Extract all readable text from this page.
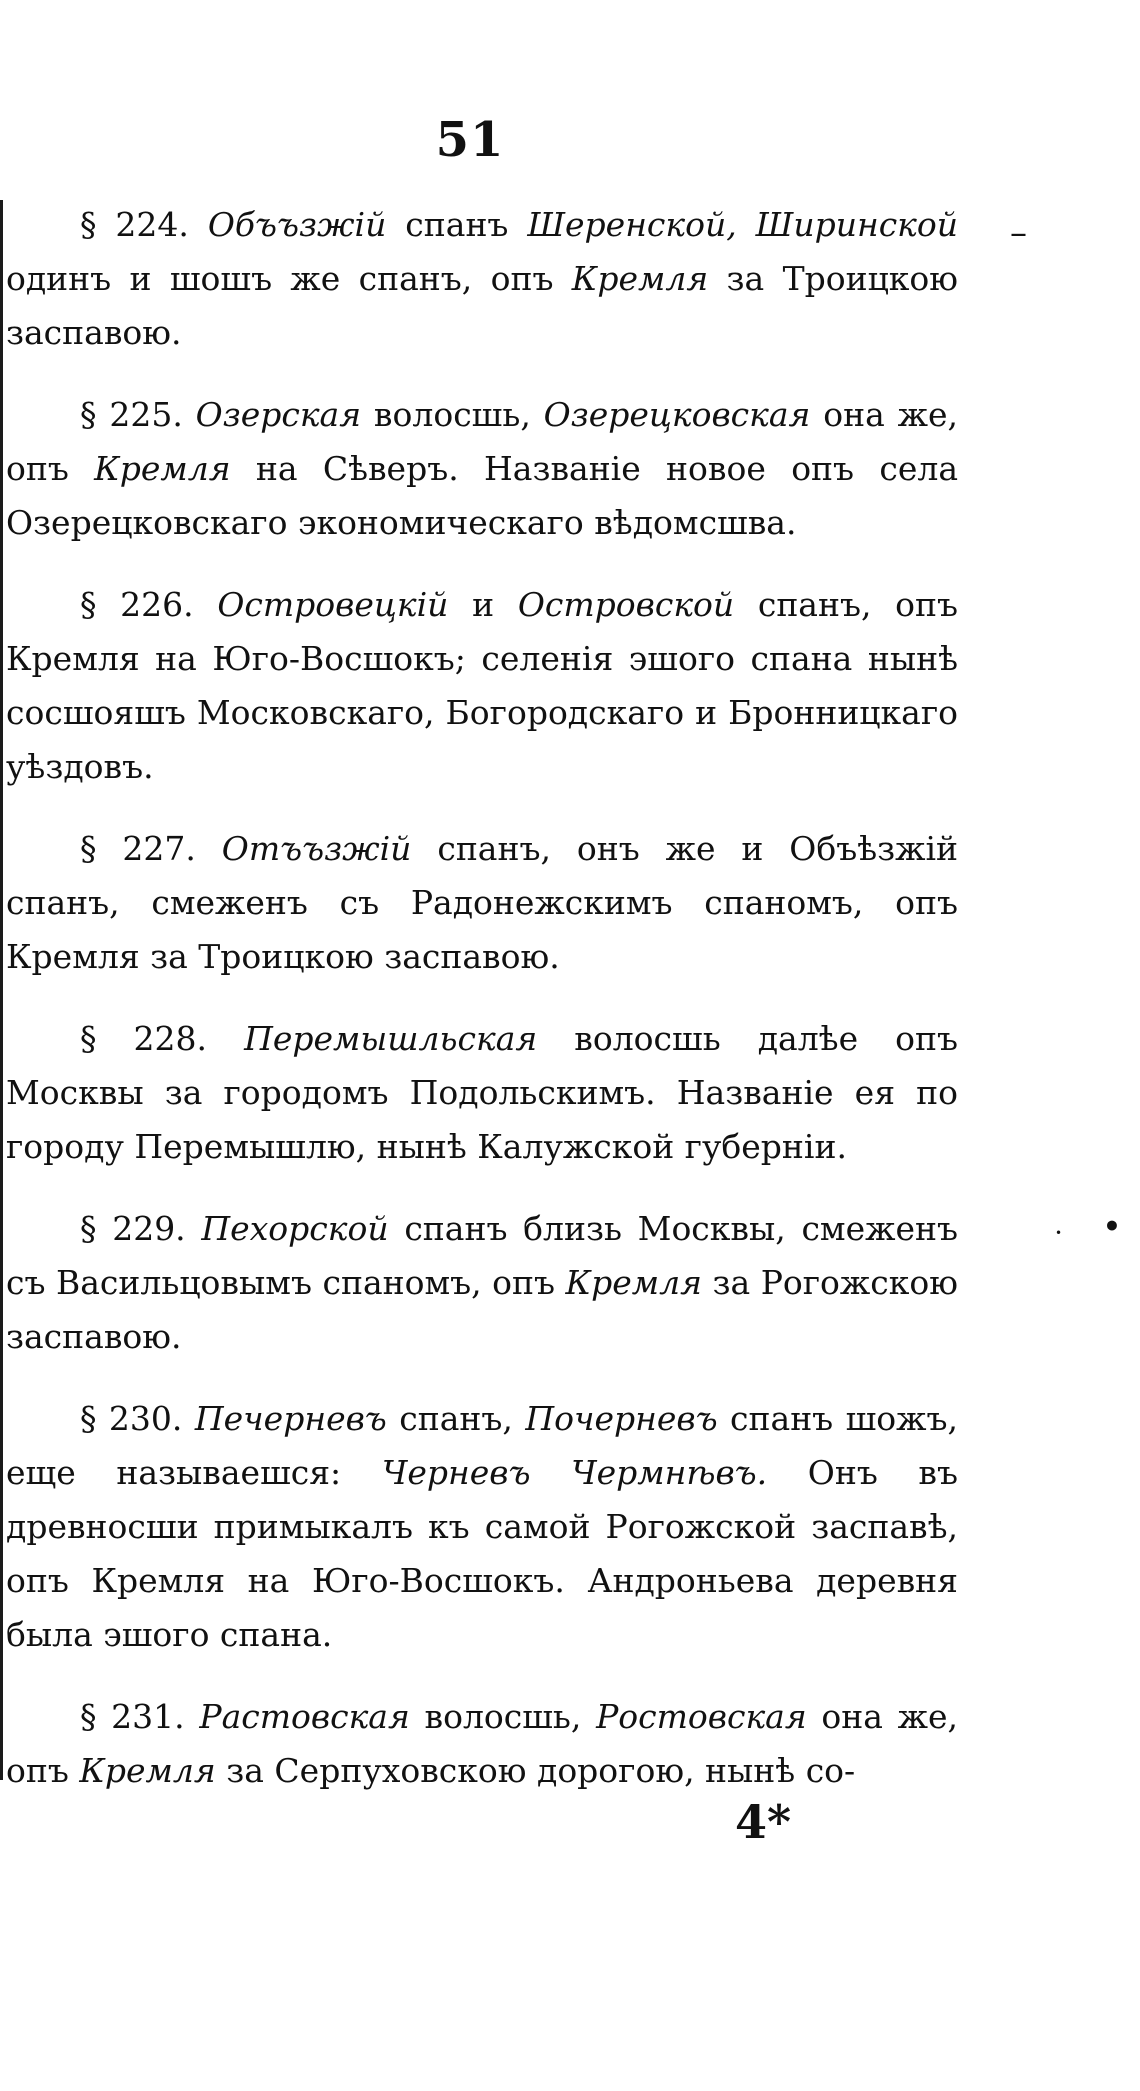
51

§ 224. Объъзжій спанъ Шеренской, Ширинской одинъ и шошъ же спанъ, опъ Кремля за Троицкою заспавою.

§ 225. Озерская волосшь, Озерецковская она же, опъ Кремля на Сѣверъ. Названіе новое опъ села Озерецковскаго экономическаго вѣдомсшва.

§ 226. Островецкій и Островской спанъ, опъ Кремля на Юго-Восшокъ; селенія эшого спана нынѣ сосшояшъ Московскаго, Богородскаго и Бронницкаго уѣздовъ.

§ 227. Отъъзжій спанъ, онъ же и Объѣзжій спанъ, смеженъ съ Радонежскимъ спаномъ, опъ Кремля за Троицкою заспавою.

§ 228. Перемышльская волосшь далѣе опъ Москвы за городомъ Подольскимъ. Названіе ея по городу Перемышлю, нынѣ Калужской губерніи.

§ 229. Пехорской спанъ близь Москвы, смеженъ съ Васильцовымъ спаномъ, опъ Кремля за Рогожскою заспавою.

§ 230. Печерневъ спанъ, Почерневъ спанъ шожъ, еще называешся: Черневъ Чермнѣвъ. Онъ въ древносши примыкалъ къ самой Рогожской заспавѣ, опъ Кремля на Юго-Восшокъ. Андроньева деревня была эшого спана.

§ 231. Растовская волосшь, Ростовская она же, опъ Кремля за Серпуховскою дорогою, нынѣ со-

4*
–
•
•
